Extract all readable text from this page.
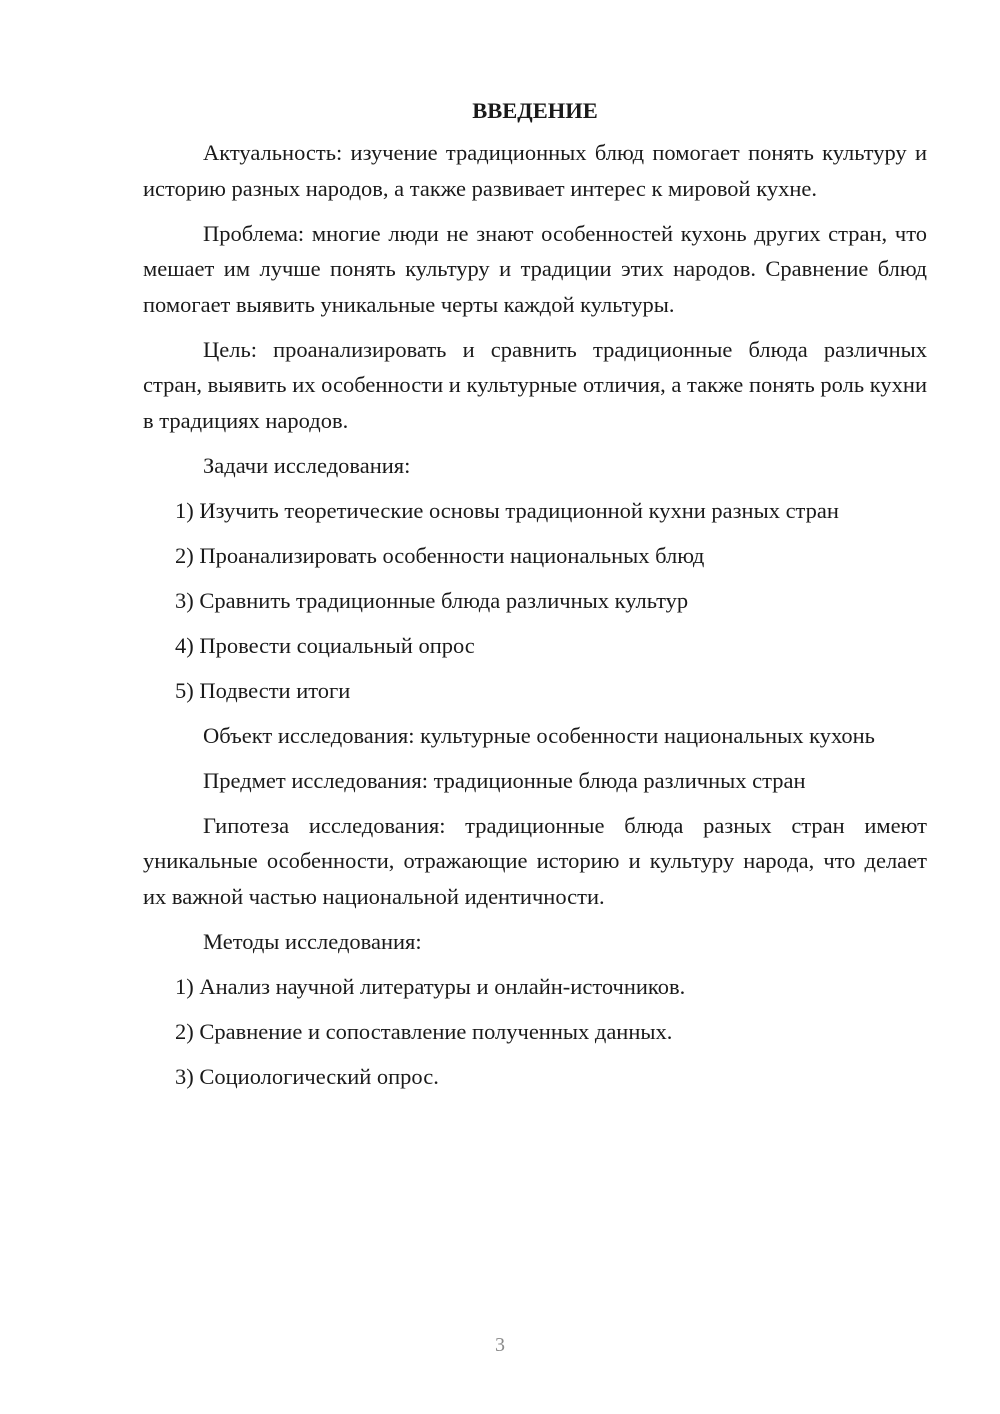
ВВЕДЕНИЕ
Актуальность: изучение традиционных блюд помогает понять культуру и историю разных народов, а также развивает интерес к мировой кухне.
Проблема: многие люди не знают особенностей кухонь других стран, что мешает им лучше понять культуру и традиции этих народов. Сравнение блюд помогает выявить уникальные черты каждой культуры.
Цель: проанализировать и сравнить традиционные блюда различных стран, выявить их особенности и культурные отличия, а также понять роль кухни в традициях народов.
Задачи исследования:
1) Изучить теоретические основы традиционной кухни разных стран
2) Проанализировать особенности национальных блюд
3) Сравнить традиционные блюда различных культур
4) Провести социальный опрос
5) Подвести итоги
Объект исследования: культурные особенности национальных кухонь
Предмет исследования: традиционные блюда различных стран
Гипотеза исследования: традиционные блюда разных стран имеют уникальные особенности, отражающие историю и культуру народа, что делает их важной частью национальной идентичности.
Методы исследования:
1) Анализ научной литературы и онлайн-источников.
2) Сравнение и сопоставление полученных данных.
3) Социологический опрос.
3
